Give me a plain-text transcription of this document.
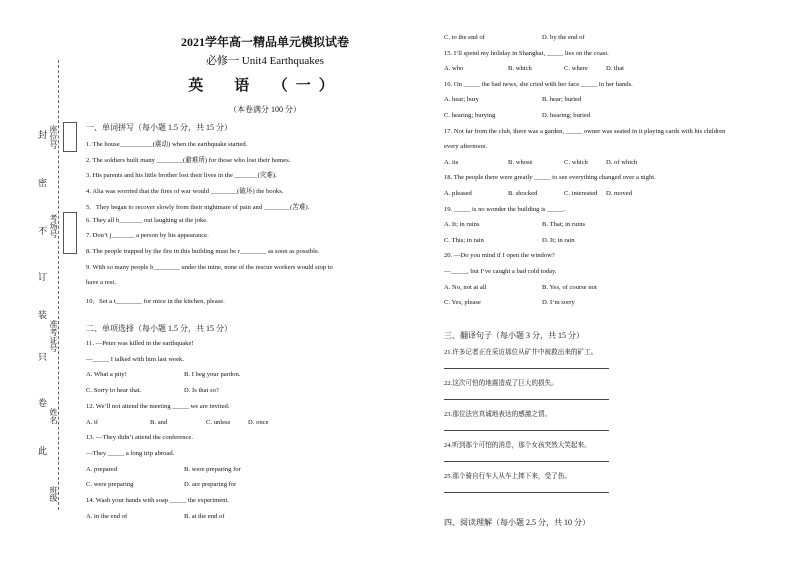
封
密
不
订
装
只
卷
此
座位号
考场号
准考证号
姓名
班级
2021学年高一精品单元模拟试卷
必修一 Unit4 Earthquakes
英　语　（一）
（本卷满分 100 分）
一、单词拼写（每小题 1.5 分，共 15 分）
1. The house__________(震动) when the earthquake started.
2. The soldiers built many ________(避难所) for those who lost their homes.
3. His parents and his little brother lost their lives in the _______(灾难).
4. Alia was worried that the fires of war would ________(破坏) the books.
5．They began to recover slowly from their nightmare of pain and ________(苦难).
6. They all b_______ out laughing at the joke.
7. Don’t j_______ a person by his appearance.
8. The people trapped by the fire in this building must be r________ as soon as possible.
9. With so many people b________ under the mine, none of the rescue workers would stop to
have a rest.
10．Set a t________ for mice in the kitchen, please.
二、单项选择（每小题 1.5 分，共 15 分）
11. —Peter was killed in the earthquake!
—_____ I talked with him last week.
A. What a pity!	B. I beg your pardon.
C. Sorry to hear that.	D. Is that so?
12. We’ll not attend the meeting _____ we are invited.
A. if	B. and	C. unless	D. once
13. —They didn’t attend the conference.
—They _____ a long trip abroad.
A. prepared	B. were preparing for
C. were preparing	D. are preparing for
14. Wash your hands with soap _____ the experiment.
A. in the end of	B. at the end of
C. to the end of	D. by the end of
15. I’ll spend my holiday in Shanghai, _____ lies on the coast.
A. who	B. which	C. where	D. that
16. On _____ the bad news, she cried with her face _____ in her hands.
A. hear; bury	B. hear; buried
C. hearing; burying	D. hearing; buried
17. Not far from the club, there was a garden, _____ owner was seated in it playing cards with his children
every afternoon.
A. its	B. whose	C. which	D. of which
18. The people there were greatly _____ to see everything changed over a night.
A. pleased	B. shocked	C. interested D. moved
19. _____ is no wonder the building is _____.
A. It; in ruins	B. That; in ruins
C. This; in rain	D. It; in rain
20. —Do you mind if I open the window?
—_____, but I’ve caught a bad cold today.
A. No, not at all	B. Yes, of course not
C. Yes, please	D. I’m sorry
三、翻译句子（每小题 3 分，共 15 分）
21.许多记者正在采访那位从矿井中被救出来的矿工。
22.这次可怕的地震造成了巨大的损失。
23.那位法官真诚地表达的感激之情。
24.听到那个可怕的消息，那个女孩突然大笑起来。
25.那个骑自行车人从车上摔下来，受了伤。
四、阅读理解（每小题 2.5 分，共 10 分）
